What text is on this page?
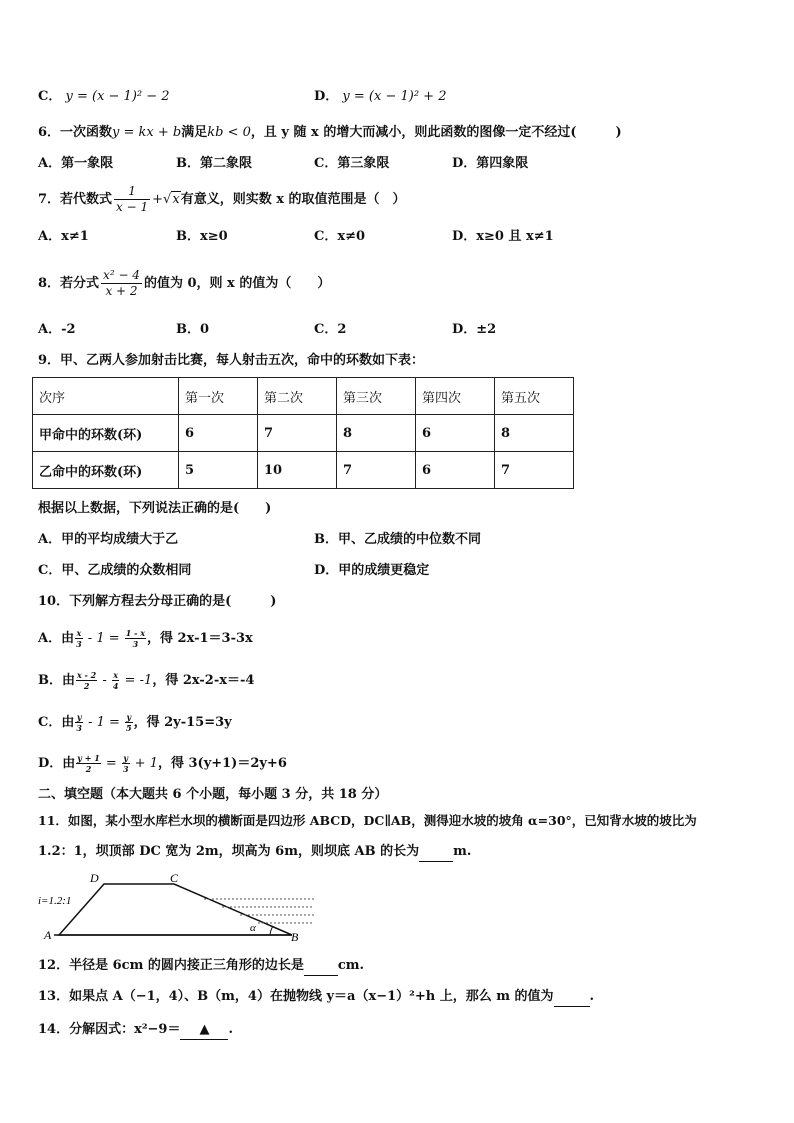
C． y = (x − 1)² − 2	D． y = (x − 1)² + 2
6．一次函数y = kx + b满足kb < 0，且 y 随 x 的增大而减小，则此函数的图像一定不经过(　　　)
A．第一象限	B．第二象限	C．第三象限	D．第四象限
7．若代数式 $\frac{1}{x - 1} +√x$有意义，则实数 x 的取值范围是（　）
A．x≠1	B．x≥0	C．x≠0	D．x≥0 且 x≠1
8．若分式 $\frac{\text{x² − 4}}{x + 2}$ 的值为 0，则 x 的值为（　　）
A．-2	B．0	C．2	D．±2
9．甲、乙两人参加射击比赛，每人射击五次，命中的环数如下表：
次序	第一次	第二次	第三次	第四次	第五次
甲命中的环数(环)	6	7	8	6	8
乙命中的环数(环)	5	10	7	6	7
根据以上数据，下列说法正确的是(　　)
A．甲的平均成绩大于乙	B．甲、乙成绩的中位数不同
C．甲、乙成绩的众数相同	D．甲的成绩更稳定
10．下列解方程去分母正确的是(　　　)
A．由 $\frac{x}{3} - 1 = \frac{1 - x}{3}$ ，得 2x-1＝3-3x
B．由 $\frac{x - 2}{2} - \frac{x}{4} = -1$，得 2x-2-x＝-4
C．由 $\frac{y}{3} - 1 = \frac{y}{5}$ ，得 2y-15=3y
D．由 $\frac{y + 1}{2} = \frac{y}{3} + 1$，得 3(y+1)＝2y+6
二、填空题（本大题共 6 个小题，每小题 3 分，共 18 分）
11．如图，某小型水库栏水坝的横断面是四边形 ABCD，DC∥AB，测得迎水坡的坡角 α=30°，已知背水坡的坡比为
1.2：1，坝顶部 DC 宽为 2m，坝高为 6m，则坝底 AB 的长为	m.
D	C
A	B
α
i=1.2:1
12．半径是 6cm 的圆内接正三角形的边长是	cm.
13．如果点 A（−1，4）、B（m，4）在抛物线 y＝a（x−1）²+h 上，那么 m 的值为	.
14．分解因式：x²−9＝ ▲ .
